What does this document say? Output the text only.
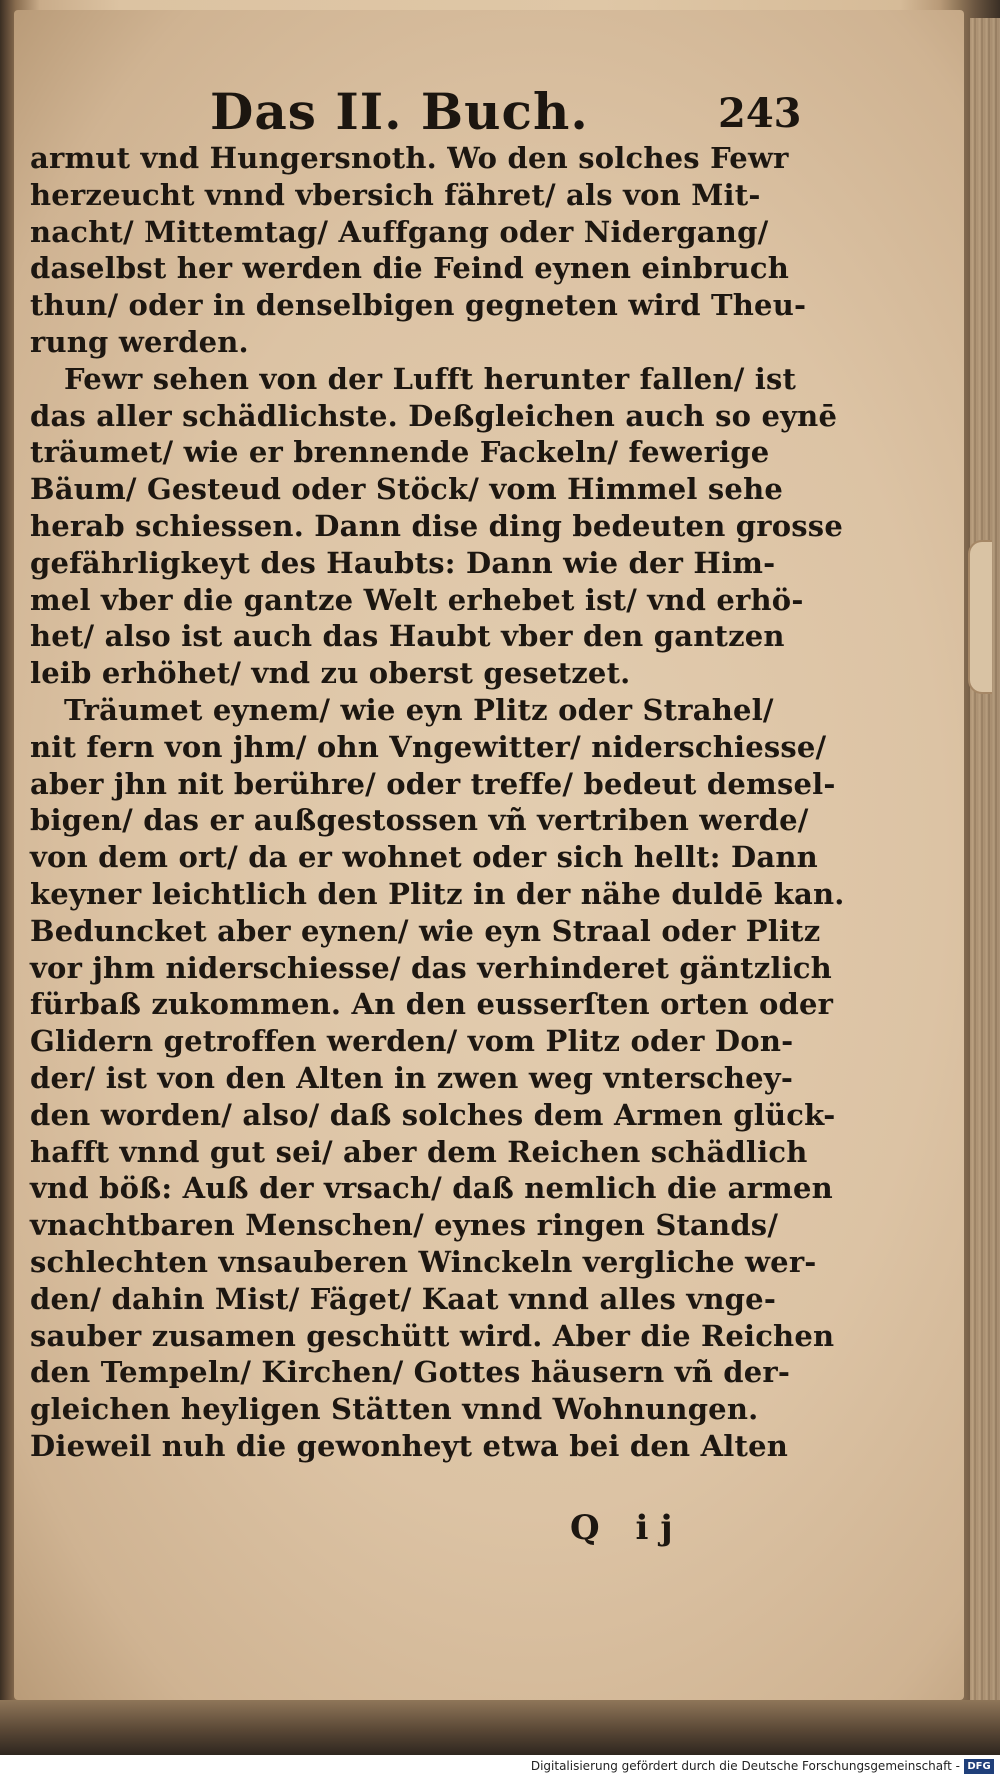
Das II. Buch.	243
armut vnd Hungersnoth. Wo den solches Fewr
herzeucht vnnd vbersich fähret/ als von Mit-
nacht/ Mittemtag/ Auffgang oder Nidergang/
daselbst her werden die Feind eynen einbruch
thun/ oder in denselbigen gegneten wird Theu-
rung werden.
Fewr sehen von der Lufft herunter fallen/ ist
das aller schädlichste. Deßgleichen auch so eynē
träumet/ wie er brennende Fackeln/ fewerige
Bäum/ Gesteud oder Stöck/ vom Himmel sehe
herab schiessen. Dann dise ding bedeuten grosse
gefährligkeyt des Haubts: Dann wie der Him-
mel vber die gantze Welt erhebet ist/ vnd erhö-
het/ also ist auch das Haubt vber den gantzen
leib erhöhet/ vnd zu oberst gesetzet.
Träumet eynem/ wie eyn Plitz oder Strahel/
nit fern von jhm/ ohn Vngewitter/ niderschiesse/
aber jhn nit berühre/ oder treffe/ bedeut demsel-
bigen/ das er außgestossen vñ vertriben werde/
von dem ort/ da er wohnet oder sich hellt: Dann
keyner leichtlich den Plitz in der nähe duldē kan.
Beduncket aber eynen/ wie eyn Straal oder Plitz
vor jhm niderschiesse/ das verhinderet gäntzlich
fürbaß zukommen. An den eusserſten orten oder
Glidern getroffen werden/ vom Plitz oder Don-
der/ ist von den Alten in zwen weg vnterschey-
den worden/ also/ daß solches dem Armen glück-
hafft vnnd gut sei/ aber dem Reichen schädlich
vnd böß: Auß der vrsach/ daß nemlich die armen
vnachtbaren Menschen/ eynes ringen Stands/
schlechten vnsauberen Winckeln vergliche wer-
den/ dahin Mist/ Fäget/ Kaat vnnd alles vnge-
sauber zusamen geschütt wird. Aber die Reichen
den Tempeln/ Kirchen/ Gottes häusern vñ der-
gleichen heyligen Stätten vnnd Wohnungen.
Dieweil nuh die gewonheyt etwa bei den Alten
Q ij
Digitalisierung gefördert durch die Deutsche Forschungsgemeinschaft - DFG
